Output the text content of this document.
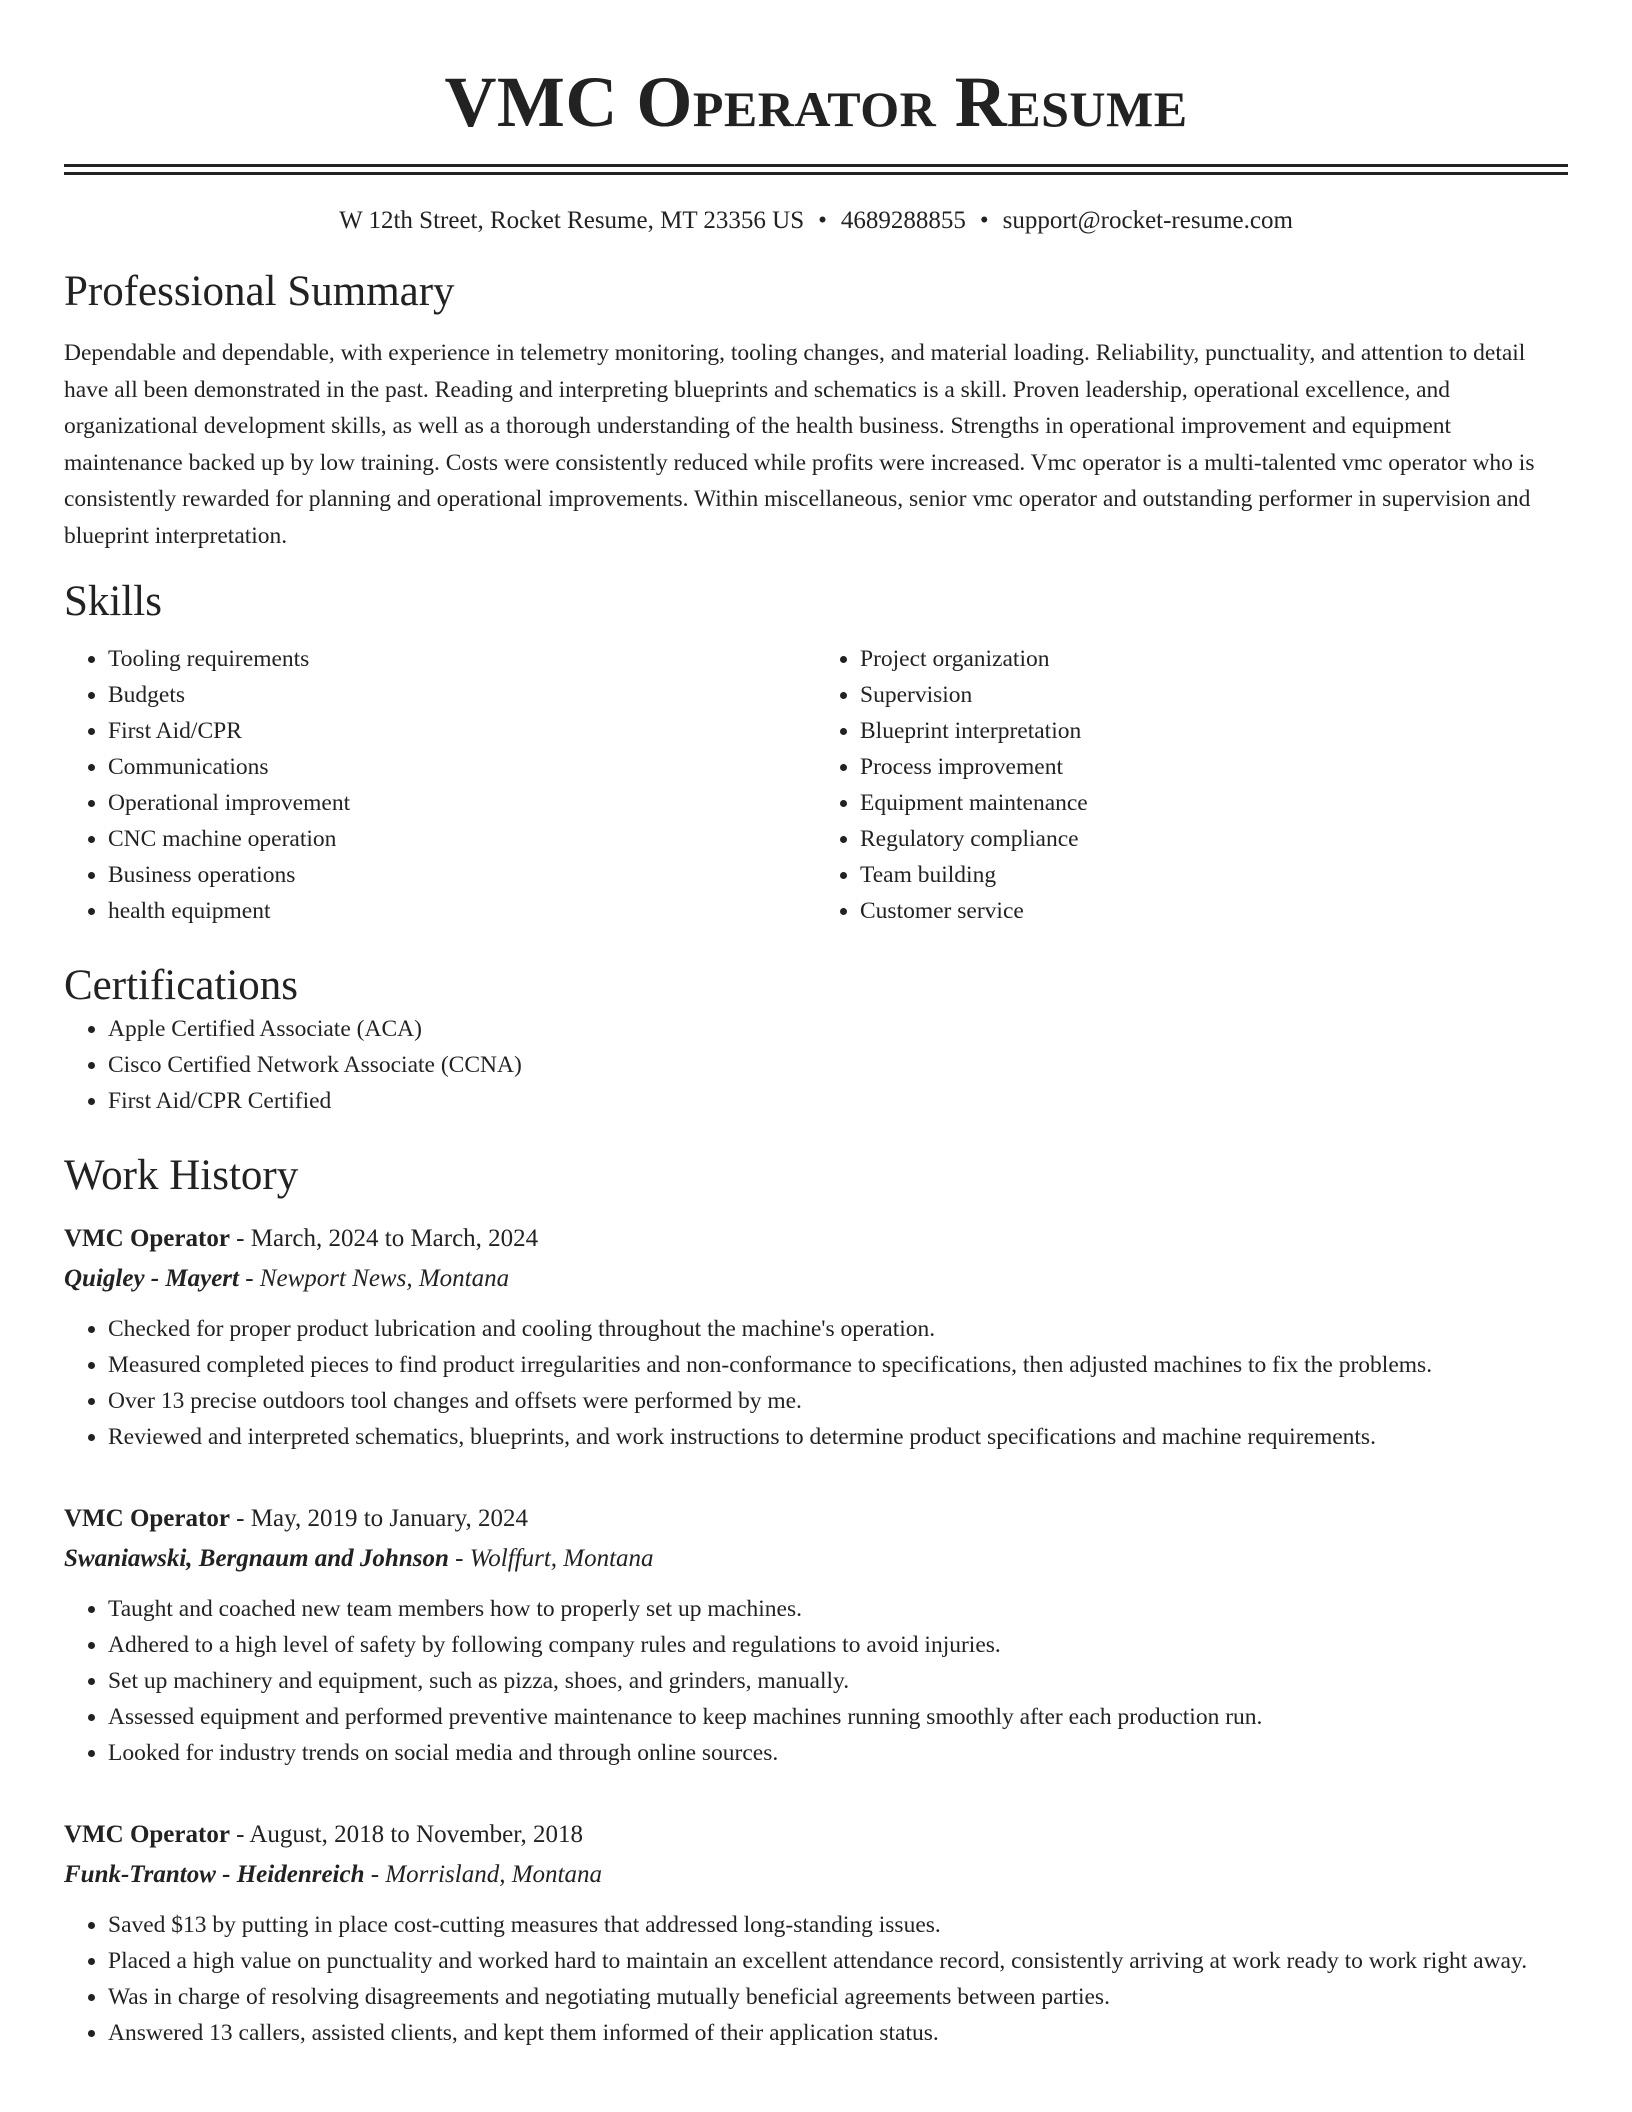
VMC Operator Resume
W 12th Street, Rocket Resume, MT 23356 US • 4689288855 • support@rocket-resume.com
Professional Summary

Dependable and dependable, with experience in telemetry monitoring, tooling changes, and material loading. Reliability, punctuality, and attention to detail have all been demonstrated in the past. Reading and interpreting blueprints and schematics is a skill. Proven leadership, operational excellence, and organizational development skills, as well as a thorough understanding of the health business. Strengths in operational improvement and equipment maintenance backed up by low training. Costs were consistently reduced while profits were increased. Vmc operator is a multi-talented vmc operator who is consistently rewarded for planning and operational improvements. Within miscellaneous, senior vmc operator and outstanding performer in supervision and blueprint interpretation.

Skills
• Tooling requirements
• Budgets
• First Aid/CPR
• Communications
• Operational improvement
• CNC machine operation
• Business operations
• health equipment
• Project organization
• Supervision
• Blueprint interpretation
• Process improvement
• Equipment maintenance
• Regulatory compliance
• Team building
• Customer service
Certifications
• Apple Certified Associate (ACA)
• Cisco Certified Network Associate (CCNA)
• First Aid/CPR Certified
Work History
VMC Operator - March, 2024 to March, 2024
Quigley - Mayert - Newport News, Montana
• Checked for proper product lubrication and cooling throughout the machine's operation.
• Measured completed pieces to find product irregularities and non-conformance to specifications, then adjusted machines to fix the problems.
• Over 13 precise outdoors tool changes and offsets were performed by me.
• Reviewed and interpreted schematics, blueprints, and work instructions to determine product specifications and machine requirements.
VMC Operator - May, 2019 to January, 2024
Swaniawski, Bergnaum and Johnson - Wolffurt, Montana
• Taught and coached new team members how to properly set up machines.
• Adhered to a high level of safety by following company rules and regulations to avoid injuries.
• Set up machinery and equipment, such as pizza, shoes, and grinders, manually.
• Assessed equipment and performed preventive maintenance to keep machines running smoothly after each production run.
• Looked for industry trends on social media and through online sources.
VMC Operator - August, 2018 to November, 2018
Funk-Trantow - Heidenreich - Morrisland, Montana
• Saved $13 by putting in place cost-cutting measures that addressed long-standing issues.
• Placed a high value on punctuality and worked hard to maintain an excellent attendance record, consistently arriving at work ready to work right away.
• Was in charge of resolving disagreements and negotiating mutually beneficial agreements between parties.
• Answered 13 callers, assisted clients, and kept them informed of their application status.
